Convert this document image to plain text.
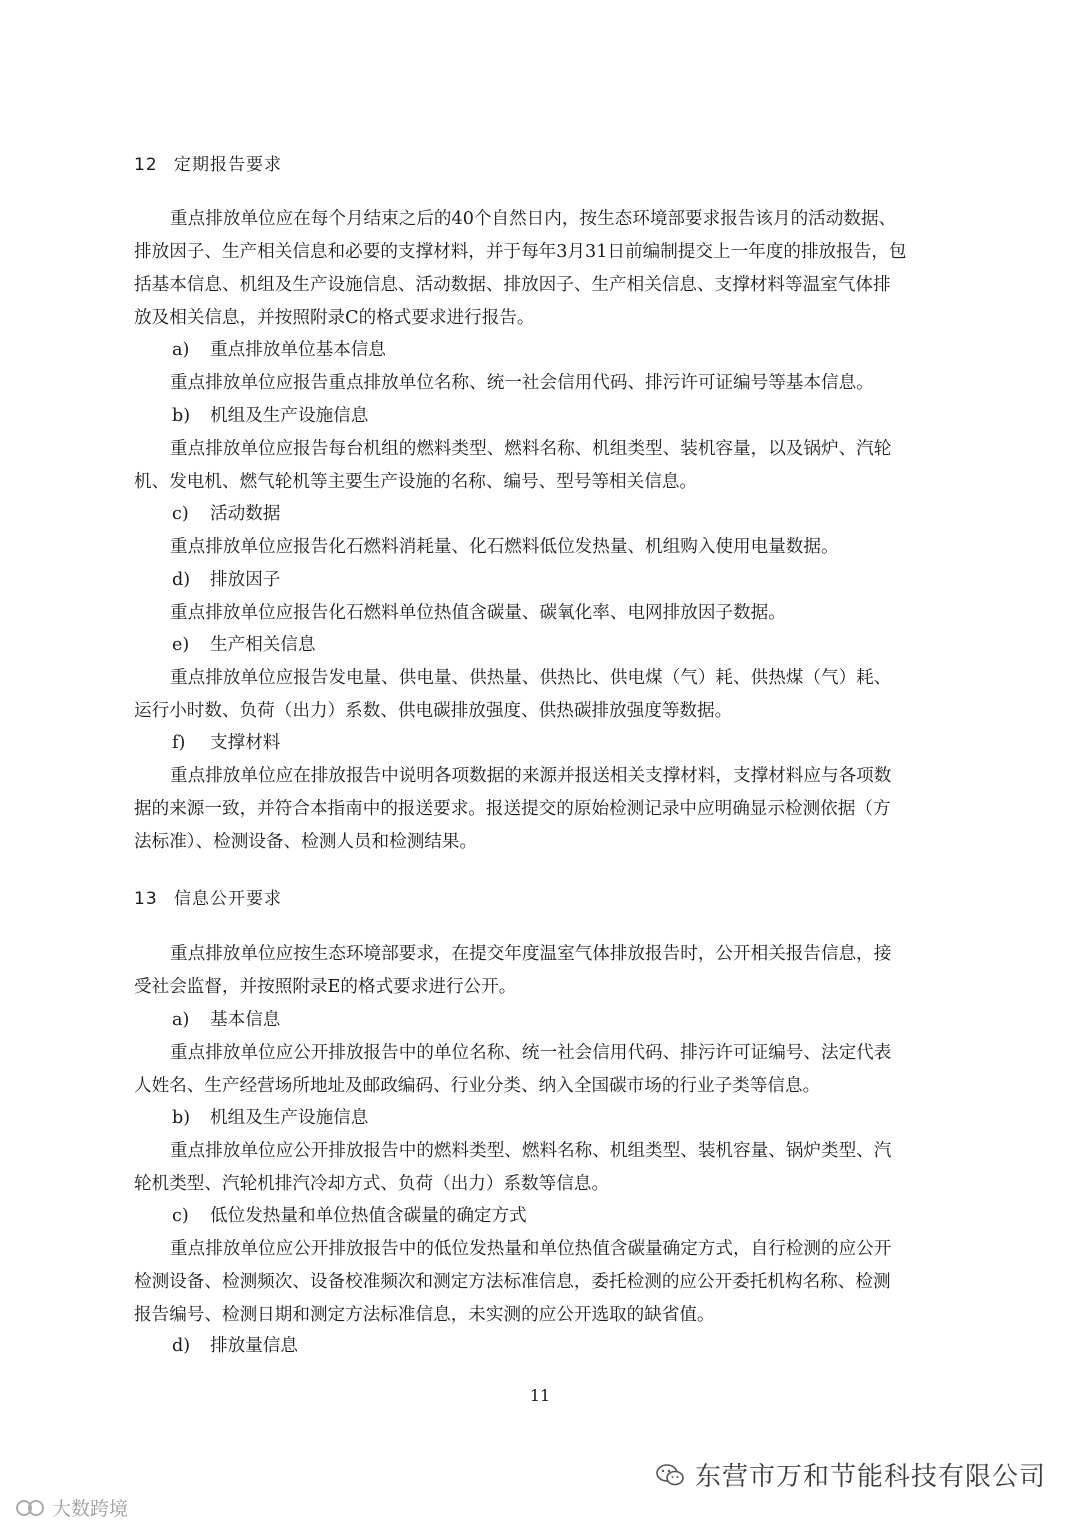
12 定期报告要求
重点排放单位应在每个月结束之后的40个自然日内，按生态环境部要求报告该月的活动数据、
排放因子、生产相关信息和必要的支撑材料，并于每年3月31日前编制提交上一年度的排放报告，包
括基本信息、机组及生产设施信息、活动数据、排放因子、生产相关信息、支撑材料等温室气体排
放及相关信息，并按照附录C的格式要求进行报告。
a) 重点排放单位基本信息
重点排放单位应报告重点排放单位名称、统一社会信用代码、排污许可证编号等基本信息。
b) 机组及生产设施信息
重点排放单位应报告每台机组的燃料类型、燃料名称、机组类型、装机容量，以及锅炉、汽轮
机、发电机、燃气轮机等主要生产设施的名称、编号、型号等相关信息。
c) 活动数据
重点排放单位应报告化石燃料消耗量、化石燃料低位发热量、机组购入使用电量数据。
d) 排放因子
重点排放单位应报告化石燃料单位热值含碳量、碳氧化率、电网排放因子数据。
e) 生产相关信息
重点排放单位应报告发电量、供电量、供热量、供热比、供电煤（气）耗、供热煤（气）耗、
运行小时数、负荷（出力）系数、供电碳排放强度、供热碳排放强度等数据。
f) 支撑材料
重点排放单位应在排放报告中说明各项数据的来源并报送相关支撑材料，支撑材料应与各项数
据的来源一致，并符合本指南中的报送要求。报送提交的原始检测记录中应明确显示检测依据（方
法标准）、检测设备、检测人员和检测结果。
13 信息公开要求
重点排放单位应按生态环境部要求，在提交年度温室气体排放报告时，公开相关报告信息，接
受社会监督，并按照附录E的格式要求进行公开。
a) 基本信息
重点排放单位应公开排放报告中的单位名称、统一社会信用代码、排污许可证编号、法定代表
人姓名、生产经营场所地址及邮政编码、行业分类、纳入全国碳市场的行业子类等信息。
b) 机组及生产设施信息
重点排放单位应公开排放报告中的燃料类型、燃料名称、机组类型、装机容量、锅炉类型、汽
轮机类型、汽轮机排汽冷却方式、负荷（出力）系数等信息。
c) 低位发热量和单位热值含碳量的确定方式
重点排放单位应公开排放报告中的低位发热量和单位热值含碳量确定方式，自行检测的应公开
检测设备、检测频次、设备校准频次和测定方法标准信息，委托检测的应公开委托机构名称、检测
报告编号、检测日期和测定方法标准信息，未实测的应公开选取的缺省值。
d) 排放量信息
11
东营市万和节能科技有限公司
大数跨境
